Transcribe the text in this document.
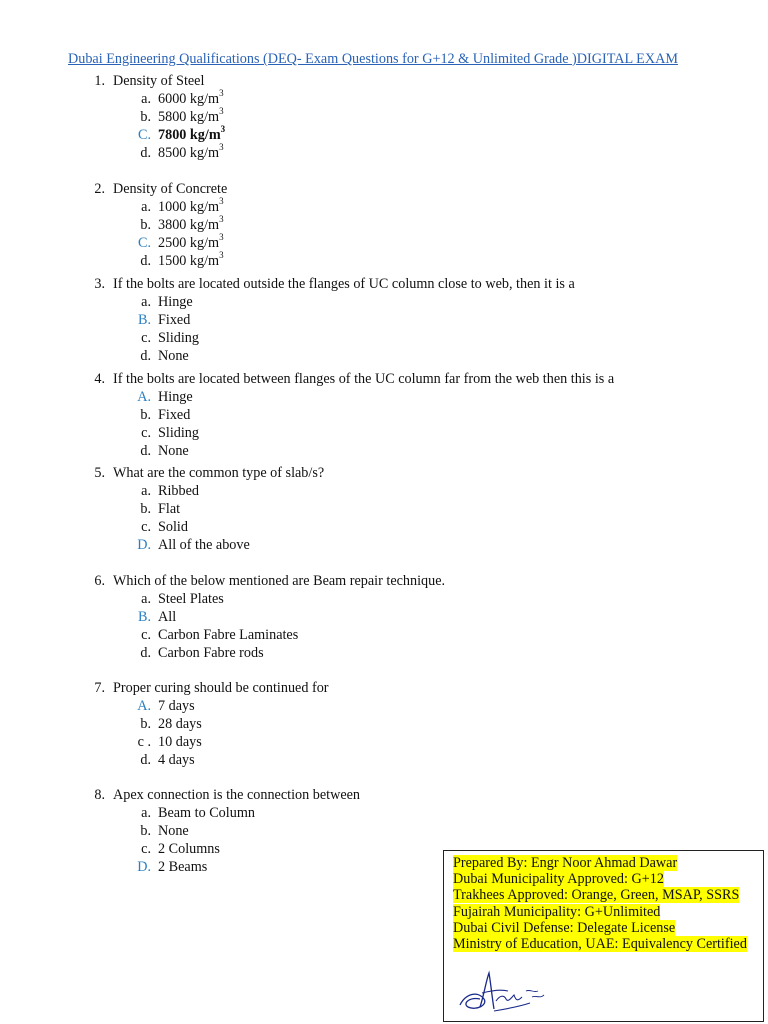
Dubai Engineering Qualifications (DEQ- Exam Questions for G+12 & Unlimited Grade )DIGITAL EXAM
1. Density of Steel
a. 6000 $kg/m^3$
b. 5800 $kg/m^3$
C. 7800 $kg/m^3$
d. 8500 $kg/m^3$
2. Density of Concrete
a. 1000 $kg/m^3$
b. 3800 $kg/m^3$
C. 2500 $kg/m^3$
d. 1500 $kg/m^3$
3. If the bolts are located outside the flanges of UC column close to web, then it is a
a. Hinge
B. Fixed
c. Sliding
d. None
4. If the bolts are located between flanges of the UC column far from the web then this is a
A. Hinge
b. Fixed
c. Sliding
d. None
5. What are the common type of slab/s?
a. Ribbed
b. Flat
c. Solid
D. All of the above
6. Which of the below mentioned are Beam repair technique.
a. Steel Plates
B. All
c. Carbon Fabre Laminates
d. Carbon Fabre rods
7. Proper curing should be continued for
A. 7 days
b. 28 days
c . 10 days
d. 4 days
8. Apex connection is the connection between
a. Beam to Column
b. None
c. 2 Columns
D. 2 Beams	Prepared By: Engr Noor Ahmad Dawar
Dubai Municipality Approved: G+12
Trakhees Approved: Orange, Green, MSAP, SSRS
Fujairah Municipality: G+Unlimited
Dubai Civil Defense: Delegate License
Ministry of Education, UAE: Equivalency Certified
